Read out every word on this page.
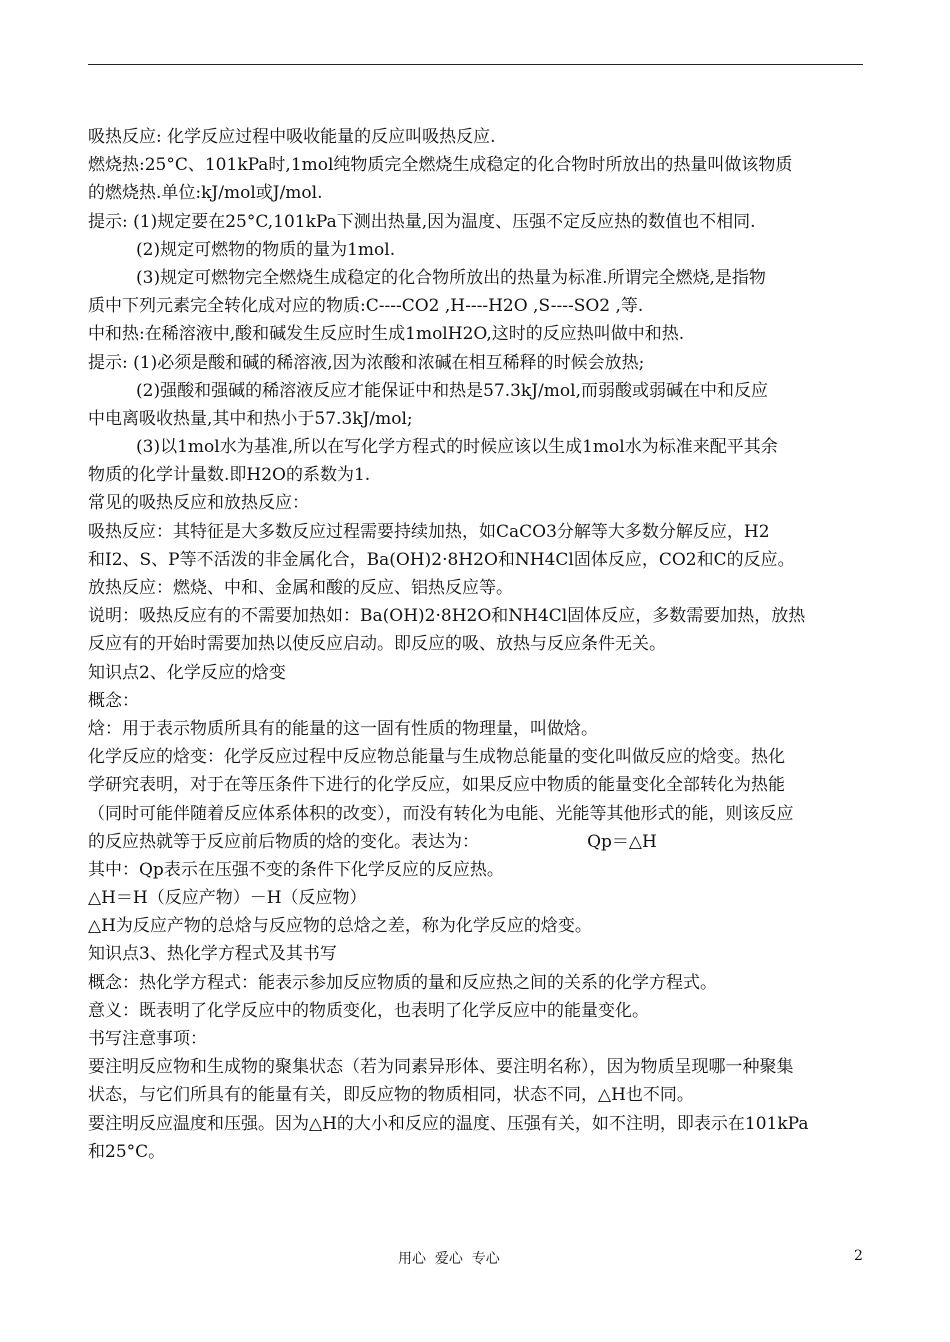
吸热反应: 化学反应过程中吸收能量的反应叫吸热反应.
燃烧热:25°C、101kPa时,1mol纯物质完全燃烧生成稳定的化合物时所放出的热量叫做该物质
的燃烧热.单位:kJ/mol或J/mol.
提示: (1)规定要在25°C,101kPa下测出热量,因为温度、压强不定反应热的数值也不相同.
(2)规定可燃物的物质的量为1mol.
(3)规定可燃物完全燃烧生成稳定的化合物所放出的热量为标准.所谓完全燃烧,是指物
质中下列元素完全转化成对应的物质:C----CO2 ,H----H2O ,S----SO2 ,等.
中和热:在稀溶液中,酸和碱发生反应时生成1molH2O,这时的反应热叫做中和热.
提示: (1)必须是酸和碱的稀溶液,因为浓酸和浓碱在相互稀释的时候会放热;
(2)强酸和强碱的稀溶液反应才能保证中和热是57.3kJ/mol,而弱酸或弱碱在中和反应
中电离吸收热量,其中和热小于57.3kJ/mol;
(3)以1mol水为基准,所以在写化学方程式的时候应该以生成1mol水为标准来配平其余
物质的化学计量数.即H2O的系数为1.
常见的吸热反应和放热反应：
吸热反应：其特征是大多数反应过程需要持续加热，如CaCO3分解等大多数分解反应，H2
和I2、S、P等不活泼的非金属化合，Ba(OH)2·8H2O和NH4Cl固体反应，CO2和C的反应。
放热反应：燃烧、中和、金属和酸的反应、铝热反应等。
说明：吸热反应有的不需要加热如：Ba(OH)2·8H2O和NH4Cl固体反应，多数需要加热，放热
反应有的开始时需要加热以使反应启动。即反应的吸、放热与反应条件无关。
知识点2、化学反应的焓变
概念：
焓：用于表示物质所具有的能量的这一固有性质的物理量，叫做焓。
化学反应的焓变：化学反应过程中反应物总能量与生成物总能量的变化叫做反应的焓变。热化
学研究表明，对于在等压条件下进行的化学反应，如果反应中物质的能量变化全部转化为热能
（同时可能伴随着反应体系体积的改变），而没有转化为电能、光能等其他形式的能，则该反应
的反应热就等于反应前后物质的焓的变化。表达为：                    Qp＝△H
其中：Qp表示在压强不变的条件下化学反应的反应热。
△H＝H（反应产物）－H（反应物）
△H为反应产物的总焓与反应物的总焓之差，称为化学反应的焓变。
知识点3、热化学方程式及其书写
概念：热化学方程式：能表示参加反应物质的量和反应热之间的关系的化学方程式。
意义：既表明了化学反应中的物质变化，也表明了化学反应中的能量变化。
书写注意事项：
要注明反应物和生成物的聚集状态（若为同素异形体、要注明名称），因为物质呈现哪一种聚集
状态，与它们所具有的能量有关，即反应物的物质相同，状态不同，△H也不同。
要注明反应温度和压强。因为△H的大小和反应的温度、压强有关，如不注明，即表示在101kPa
和25°C。
用心  爱心  专心	2
